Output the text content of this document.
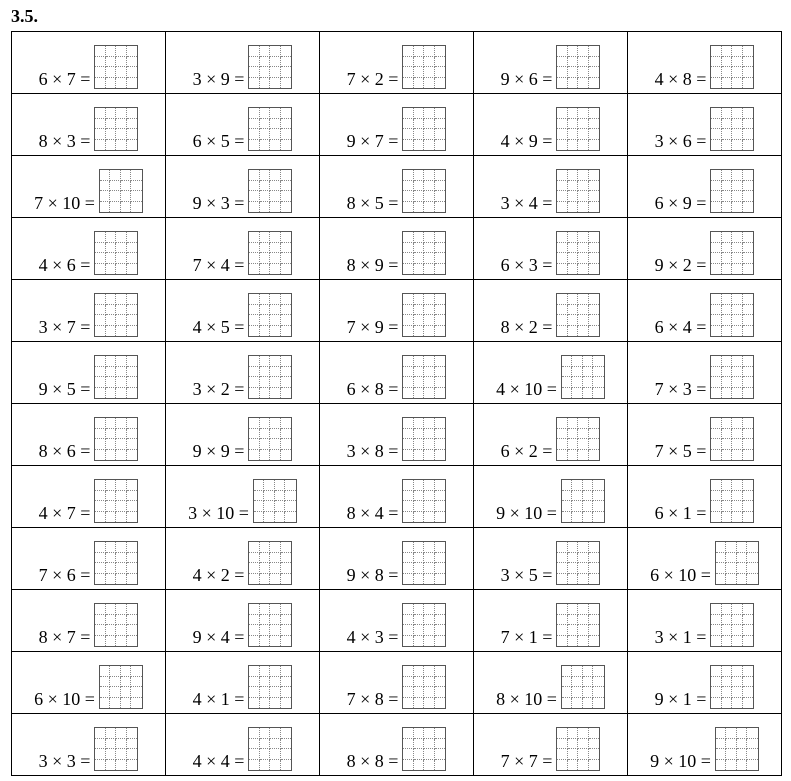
3.5.
6 × 7 =	3 × 9 =	7 × 2 =	9 × 6 =	4 × 8 =

8 × 3 =	6 × 5 =	9 × 7 =	4 × 9 =	3 × 6 =

7 × 10 =	9 × 3 =	8 × 5 =	3 × 4 =	6 × 9 =

4 × 6 =	7 × 4 =	8 × 9 =	6 × 3 =	9 × 2 =

3 × 7 =	4 × 5 =	7 × 9 =	8 × 2 =	6 × 4 =

9 × 5 =	3 × 2 =	6 × 8 =	4 × 10 =	7 × 3 =

8 × 6 =	9 × 9 =	3 × 8 =	6 × 2 =	7 × 5 =

4 × 7 =	3 × 10 =	8 × 4 =	9 × 10 =	6 × 1 =

7 × 6 =	4 × 2 =	9 × 8 =	3 × 5 =	6 × 10 =

8 × 7 =	9 × 4 =	4 × 3 =	7 × 1 =	3 × 1 =

6 × 10 =	4 × 1 =	7 × 8 =	8 × 10 =	9 × 1 =

3 × 3 =	4 × 4 =	8 × 8 =	7 × 7 =	9 × 10 =
